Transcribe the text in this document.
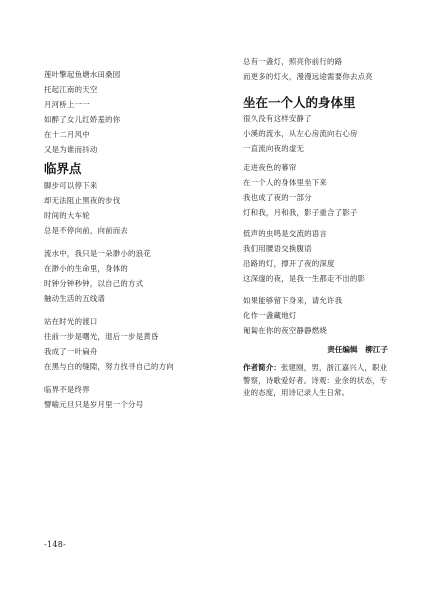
莲叶擎起鱼塘水田桑园
托起江南的天空
月河桥上一一
如醉了女儿红娇羞的你
在十二月风中
又是为谁而抖动
临界点
脚步可以停下来
却无法阻止黑夜的步伐
时间的大车轮
总是不停向前，向前而去
流水中，我只是一朵渺小的浪花
在渺小的生命里，身体的
时钟分钟秒钟，以自己的方式
触动生活的五线谱
站在时光的渡口
往前一步是曙光，退后一步是黄昏
我成了一叶扁舟
在黑与白的缝隙，努力找寻自己的方向
临界不是终界
譬喻元旦只是岁月里一个分号
总有一盏灯，照亮你前行的路
而更多的灯火，漫漫远途需要你去点亮
坐在一个人的身体里
很久没有这样安静了
小溪的流水，从左心房流向右心房
一直流向夜的虚无
走进夜色的幕帘
在一个人的身体里坐下来
我也成了夜的一部分
灯和我，月和我，影子重合了影子
低声的虫鸣是交流的语言
我们用腰语交换腹语
沿路的灯，撑开了夜的深度
这深邃的夜，是我一生都走不出的影
如果能够留下身来，请允许我
化作一盏藏地灯
匍匐在你的夜空静静燃烧
责任编辑　柳江子
作者简介：张建刚，男，浙江嘉兴人，职业警察，诗歌爱好者。诗观：业余的状态，专业的态度，用诗记录人生日常。
-148-
